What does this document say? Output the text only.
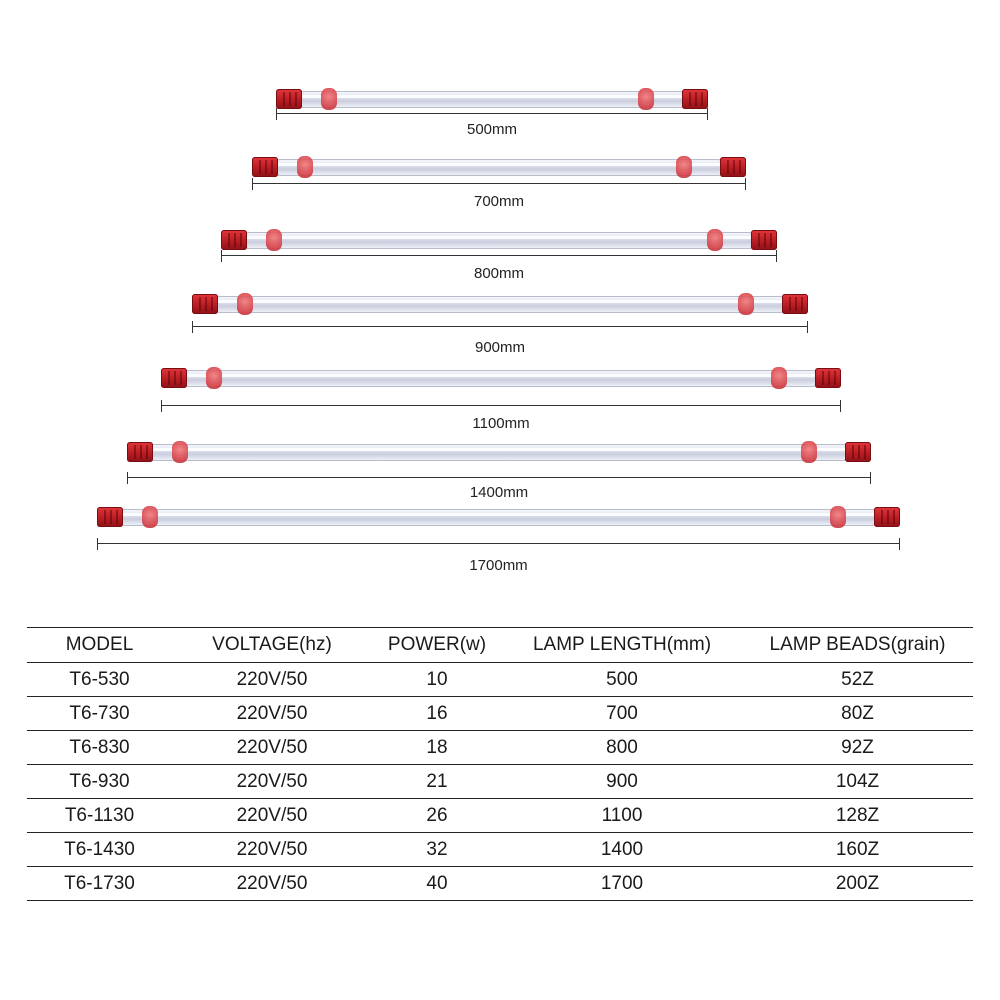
500mm
700mm
800mm
900mm
1100mm
1400mm
1700mm
MODEL	VOLTAGE(hz)	POWER(w)	LAMP LENGTH(mm)	LAMP BEADS(grain)
T6-530	220V/50	10	500	52Z
T6-730	220V/50	16	700	80Z
T6-830	220V/50	18	800	92Z
T6-930	220V/50	21	900	104Z
T6-1130	220V/50	26	1100	128Z
T6-1430	220V/50	32	1400	160Z
T6-1730	220V/50	40	1700	200Z
